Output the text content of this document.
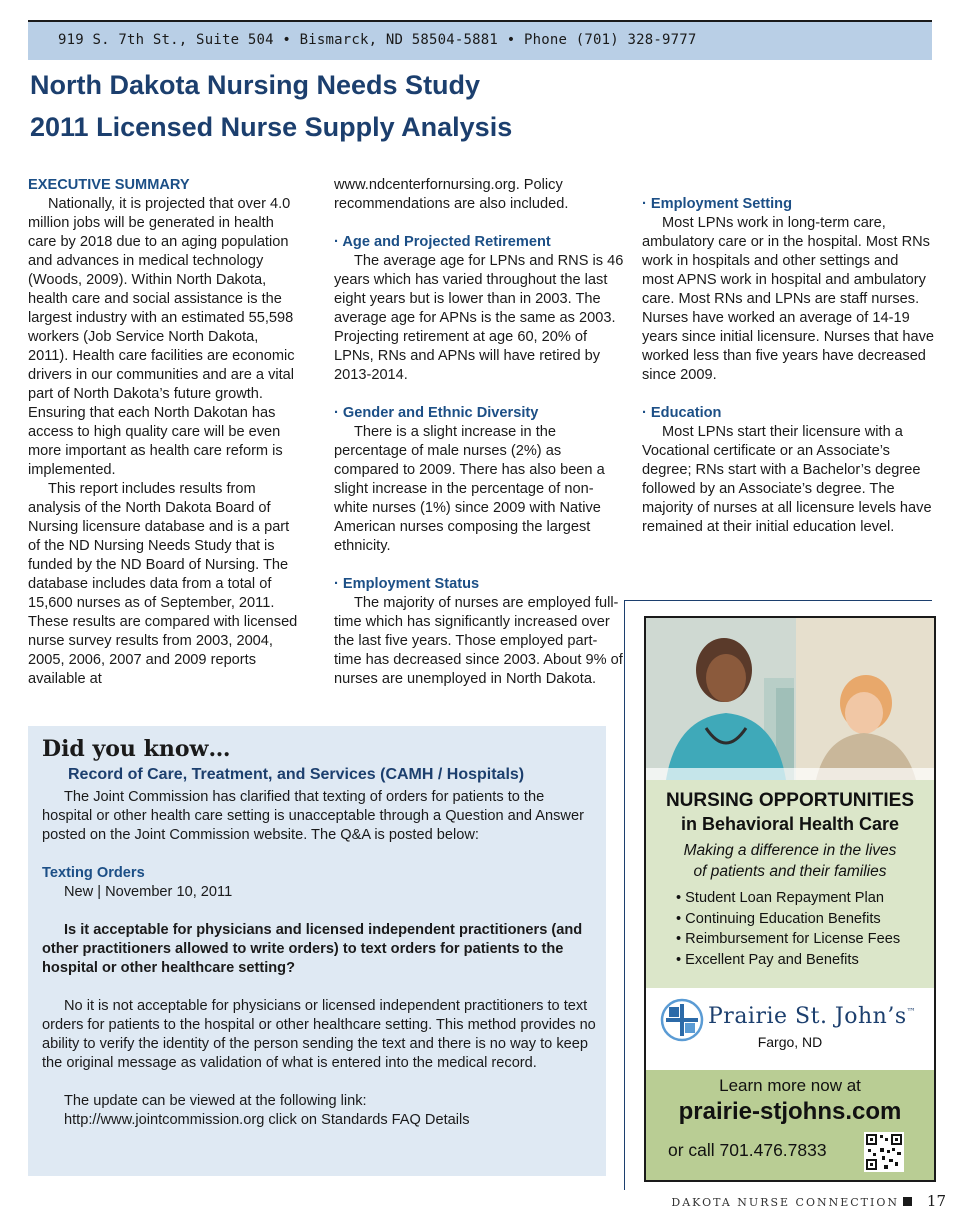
919 S. 7th St., Suite 504 • Bismarck, ND 58504-5881 • Phone (701) 328-9777
North Dakota Nursing Needs Study
2011 Licensed Nurse Supply Analysis

EXECUTIVE SUMMARY

Nationally, it is projected that over 4.0 million jobs will be generated in health care by 2018 due to an aging population and advances in medical technology (Woods, 2009). Within North Dakota, health care and social assistance is the largest industry with an estimated 55,598 workers (Job Service North Dakota, 2011). Health care facilities are economic drivers in our communities and are a vital part of North Dakota’s future growth. Ensuring that each North Dakotan has access to high quality care will be even more important as health care reform is implemented.

This report includes results from analysis of the North Dakota Board of Nursing licensure database and is a part of the ND Nursing Needs Study that is funded by the ND Board of Nursing. The database includes data from a total of 15,600 nurses as of September, 2011. These results are compared with licensed nurse survey results from 2003, 2004, 2005, 2006, 2007 and 2009 reports available at

www.ndcenterfornursing.org. Policy recommendations are also included.

· Age and Projected Retirement

The average age for LPNs and RNS is 46 years which has varied throughout the last eight years but is lower than in 2003. The average age for APNs is the same as 2003. Projecting retirement at age 60, 20% of LPNs, RNs and APNs will have retired by 2013-2014.

· Gender and Ethnic Diversity

There is a slight increase in the percentage of male nurses (2%) as compared to 2009. There has also been a slight increase in the percentage of non-white nurses (1%) since 2009 with Native American nurses composing the largest ethnicity.

· Employment Status

The majority of nurses are employed full-time which has significantly increased over the last five years. Those employed part-time has decreased since 2003. About 9% of nurses are unemployed in North Dakota.

· Employment Setting

Most LPNs work in long-term care, ambulatory care or in the hospital. Most RNs work in hospitals and other settings and most APNS work in hospital and ambulatory care. Most RNs and LPNs are staff nurses. Nurses have worked an average of 14-19 years since initial licensure. Nurses that have worked less than five years have decreased since 2009.

· Education

Most LPNs start their licensure with a Vocational certificate or an Associate’s degree; RNs start with a Bachelor’s degree followed by an Associate’s degree. The majority of nurses at all licensure levels have remained at their initial education level.

Did you know…
Record of Care, Treatment, and Services (CAMH / Hospitals)

The Joint Commission has clarified that texting of orders for patients to the hospital or other health care setting is unacceptable through a Question and Answer posted on the Joint Commission website. The Q&A is posted below:

Texting Orders

New | November 10, 2011

Is it acceptable for physicians and licensed independent practitioners (and other practitioners allowed to write orders) to text orders for patients to the hospital or other healthcare setting?

No it is not acceptable for physicians or licensed independent practitioners to text orders for patients to the hospital or other healthcare setting. This method provides no ability to verify the identity of the person sending the text and there is no way to keep the original message as validation of what is entered into the medical record.

The update can be viewed at the following link:

http://www.jointcommission.org click on Standards FAQ Details

NURSING OPPORTUNITIES
in Behavioral Health Care
Making a difference in the lives
of patients and their families
• Student Loan Repayment Plan
• Continuing Education Benefits
• Reimbursement for License Fees
• Excellent Pay and Benefits
Prairie St. John’s™
Fargo, ND
Learn more now at
prairie-stjohns.com
or call 701.476.7833
DAKOTA NURSE CONNECTION	17
